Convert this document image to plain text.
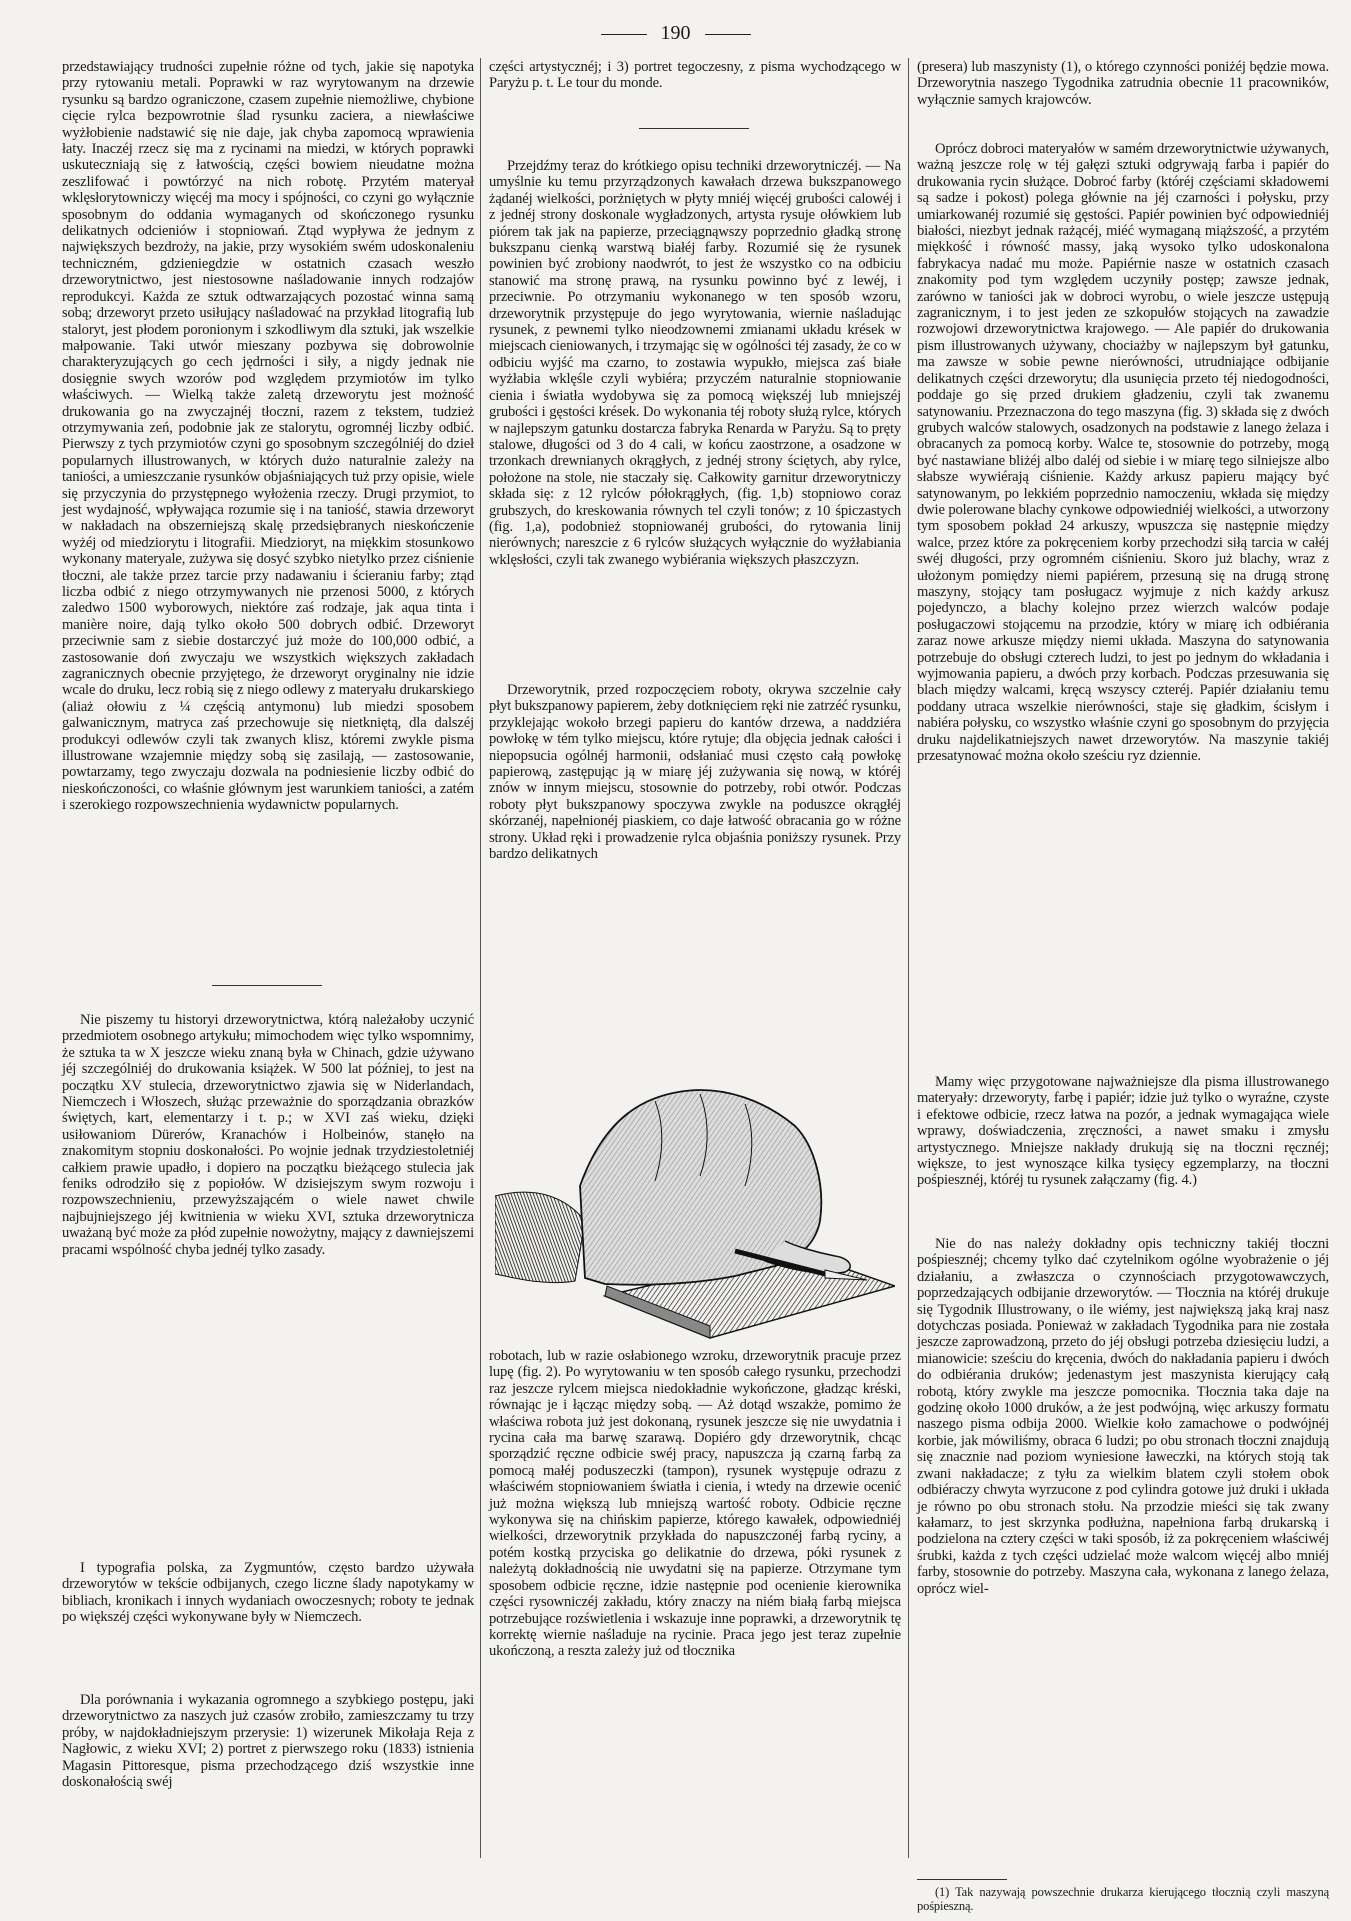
190

przedstawiający trudności zupełnie różne od tych, jakie się napotyka przy rytowaniu metali. Poprawki w raz wyrytowanym na drzewie rysunku są bardzo ograniczone, czasem zupełnie niemożliwe, chybione cięcie rylca bezpowrotnie ślad rysunku zaciera, a niewłaściwe wyżłobienie nadstawić się nie daje, jak chyba zapomocą wprawienia łaty. Inaczéj rzecz się ma z rycinami na miedzi, w których poprawki uskuteczniają się z łatwością, części bowiem nieudatne można zeszlifować i powtórzyć na nich robotę. Przytém materyał wklęsłorytowniczy więcéj ma mocy i spójności, co czyni go wyłącznie sposobnym do oddania wymaganych od skończonego rysunku delikatnych odcieniów i stopniowań. Ztąd wypływa że jednym z największych bezdroży, na jakie, przy wysokiém swém udoskonaleniu techniczném, gdzieniegdzie w ostatnich czasach weszło drzeworytnictwo, jest niestosowne naśladowanie innych rodzajów reprodukcyi. Każda ze sztuk odtwarzających pozostać winna samą sobą; drzeworyt przeto usiłujący naśladować na przykład litografią lub staloryt, jest płodem poronionym i szkodliwym dla sztuki, jak wszelkie małpowanie. Taki utwór mieszany pozbywa się dobrowolnie charakteryzujących go cech jędrności i siły, a nigdy jednak nie dosięgnie swych wzorów pod względem przymiotów im tylko właściwych. — Wielką także zaletą drzeworytu jest możność drukowania go na zwyczajnéj tłoczni, razem z tekstem, tudzież otrzymywania zeń, podobnie jak ze stalorytu, ogromnéj liczby odbić. Pierwszy z tych przymiotów czyni go sposobnym szczególniéj do dzieł popularnych illustrowanych, w których dużo naturalnie zależy na taniości, a umieszczanie rysunków objaśniających tuż przy opisie, wiele się przyczynia do przystępnego wyłożenia rzeczy. Drugi przymiot, to jest wydajność, wpływająca rozumie się i na taniość, stawia drzeworyt w nakładach na obszerniejszą skalę przedsiębranych nieskończenie wyżéj od miedziorytu i litografii. Miedzioryt, na miękkim stosunkowo wykonany materyale, zużywa się dosyć szybko nietylko przez ciśnienie tłoczni, ale także przez tarcie przy nadawaniu i ścieraniu farby; ztąd liczba odbić z niego otrzymywanych nie przenosi 5000, z których zaledwo 1500 wyborowych, niektóre zaś rodzaje, jak aqua tinta i manière noire, dają tylko około 500 dobrych odbić. Drzeworyt przeciwnie sam z siebie dostarczyć już może do 100,000 odbić, a zastosowanie doń zwyczaju we wszystkich większych zakładach zagranicznych obecnie przyjętego, że drzeworyt oryginalny nie idzie wcale do druku, lecz robią się z niego odlewy z materyału drukarskiego (aliaż ołowiu z ¼ częścią antymonu) lub miedzi sposobem galwanicznym, matryca zaś przechowuje się nietkniętą, dla dalszéj produkcyi odlewów czyli tak zwanych klisz, któremi zwykle pisma illustrowane wzajemnie między sobą się zasilają, — zastosowanie, powtarzamy, tego zwyczaju dozwala na podniesienie liczby odbić do nieskończoności, co właśnie głównym jest warunkiem taniości, a zatém i szerokiego rozpowszechnienia wydawnictw popularnych.

Nie piszemy tu historyi drzeworytnictwa, którą należałoby uczynić przedmiotem osobnego artykułu; mimochodem więc tylko wspomnimy, że sztuka ta w X jeszcze wieku znaną była w Chinach, gdzie używano jéj szczególniéj do drukowania książek. W 500 lat później, to jest na początku XV stulecia, drzeworytnictwo zjawia się w Niderlandach, Niemczech i Włoszech, służąc przeważnie do sporządzania obrazków świętych, kart, elementarzy i t. p.; w XVI zaś wieku, dzięki usiłowaniom Dürerów, Kranachów i Holbeinów, stanęło na znakomitym stopniu doskonałości. Po wojnie jednak trzydziestoletniéj całkiem prawie upadło, i dopiero na początku bieżącego stulecia jak feniks odrodziło się z popiołów. W dzisiejszym swym rozwoju i rozpowszechnieniu, przewyższającém o wiele nawet chwile najbujniejszego jéj kwitnienia w wieku XVI, sztuka drzeworytnicza uważaną być może za płód zupełnie nowożytny, mający z dawniejszemi pracami wspólność chyba jednéj tylko zasady.

I typografia polska, za Zygmuntów, często bardzo używała drzeworytów w tekście odbijanych, czego liczne ślady napotykamy w bibliach, kronikach i innych wydaniach owoczesnych; roboty te jednak po większéj części wykonywane były w Niemczech.

Dla porównania i wykazania ogromnego a szybkiego postępu, jaki drzeworytnictwo za naszych już czasów zrobiło, zamieszczamy tu trzy próby, w najdokładniejszym przerysie: 1) wizerunek Mikołaja Reja z Nagłowic, z wieku XVI; 2) portret z pierwszego roku (1833) istnienia Magasin Pittoresque, pisma przechodzącego dziś wszystkie inne doskonałością swéj

części artystycznéj; i 3) portret tegoczesny, z pisma wychodzącego w Paryżu p. t. Le tour du monde.

Przejdźmy teraz do krótkiego opisu techniki drzeworytniczéj. — Na umyślnie ku temu przyrządzonych kawałach drzewa bukszpanowego żądanéj wielkości, porżniętych w płyty mniéj więcéj grubości calowéj i z jednéj strony doskonale wygładzonych, artysta rysuje ołówkiem lub piórem tak jak na papierze, przeciągnąwszy poprzednio gładką stronę bukszpanu cienką warstwą białéj farby. Rozumié się że rysunek powinien być zrobiony naodwrót, to jest że wszystko co na odbiciu stanowić ma stronę prawą, na rysunku powinno być z lewéj, i przeciwnie. Po otrzymaniu wykonanego w ten sposób wzoru, drzeworytnik przystępuje do jego wyrytowania, wiernie naśladując rysunek, z pewnemi tylko nieodzownemi zmianami układu krések w miejscach cieniowanych, i trzymając się w ogólności téj zasady, że co w odbiciu wyjść ma czarno, to zostawia wypukło, miejsca zaś białe wyżłabia wklęśle czyli wybiéra; przyczém naturalnie stopniowanie cienia i światła wydobywa się za pomocą większéj lub mniejszéj grubości i gęstości krések. Do wykonania téj roboty służą rylce, których w najlepszym gatunku dostarcza fabryka Renarda w Paryżu. Są to pręty stalowe, długości od 3 do 4 cali, w końcu zaostrzone, a osadzone w trzonkach drewnianych okrągłych, z jednéj strony ściętych, aby rylce, położone na stole, nie staczały się. Całkowity garnitur drzeworytniczy składa się: z 12 rylców półokrągłych, (fig. 1,b) stopniowo coraz grubszych, do kreskowania równych tel czyli tonów; z 10 śpiczastych (fig. 1,a), podobnież stopniowanéj grubości, do rytowania linij nierównych; nareszcie z 6 rylców służących wyłącznie do wyżłabiania wklęsłości, czyli tak zwanego wybiérania większych płaszczyzn.

Drzeworytnik, przed rozpoczęciem roboty, okrywa szczelnie cały płyt bukszpanowy papierem, żeby dotknięciem ręki nie zatrzéć rysunku, przyklejając wokoło brzegi papieru do kantów drzewa, a naddziéra powłokę w tém tylko miejscu, które rytuje; dla objęcia jednak całości i niepopsucia ogólnéj harmonii, odsłaniać musi często całą powłokę papierową, zastępując ją w miarę jéj zużywania się nową, w któréj znów w innym miejscu, stosownie do potrzeby, robi otwór. Podczas roboty płyt bukszpanowy spoczywa zwykle na poduszce okrągłéj skórzanéj, napełnionéj piaskiem, co daje łatwość obracania go w różne strony. Układ ręki i prowadzenie rylca objaśnia poniższy rysunek. Przy bardzo delikatnych

robotach, lub w razie osłabionego wzroku, drzeworytnik pracuje przez lupę (fig. 2). Po wyrytowaniu w ten sposób całego rysunku, przechodzi raz jeszcze rylcem miejsca niedokładnie wykończone, gładząc kréski, równając je i łącząc między sobą. — Aż dotąd wszakże, pomimo że właściwa robota już jest dokonaną, rysunek jeszcze się nie uwydatnia i rycina cała ma barwę szarawą. Dopiéro gdy drzeworytnik, chcąc sporządzić ręczne odbicie swéj pracy, napuszcza ją czarną farbą za pomocą małéj poduszeczki (tampon), rysunek występuje odrazu z właściwém stopniowaniem światła i cienia, i wtedy na drzewie ocenić już można większą lub mniejszą wartość roboty. Odbicie ręczne wykonywa się na chińskim papierze, którego kawałek, odpowiedniéj wielkości, drzeworytnik przykłada do napuszczonéj farbą ryciny, a potém kostką przyciska go delikatnie do drzewa, póki rysunek z należytą dokładnością nie uwydatni się na papierze. Otrzymane tym sposobem odbicie ręczne, idzie następnie pod ocenienie kierownika części rysowniczéj zakładu, który znaczy na niém białą farbą miejsca potrzebujące rozświetlenia i wskazuje inne poprawki, a drzeworytnik tę korrektę wiernie naśladuje na rycinie. Praca jego jest teraz zupełnie ukończoną, a reszta zależy już od tłocznika

(presera) lub maszynisty (1), o którego czynności poniżéj będzie mowa. Drzeworytnia naszego Tygodnika zatrudnia obecnie 11 pracowników, wyłącznie samych krajowców.

Oprócz dobroci materyałów w samém drzeworytnictwie używanych, ważną jeszcze rolę w téj gałęzi sztuki odgrywają farba i papiér do drukowania rycin służące. Dobroć farby (któréj częściami składowemi są sadze i pokost) polega głównie na jéj czarności i połysku, przy umiarkowanéj rozumié się gęstości. Papiér powinien być odpowiedniéj białości, niezbyt jednak rażącéj, miéć wymaganą miąższość, a przytém miękkość i równość massy, jaką wysoko tylko udoskonalona fabrykacya nadać mu może. Papiérnie nasze w ostatnich czasach znakomity pod tym względem uczyniły postęp; zawsze jednak, zarówno w taniości jak w dobroci wyrobu, o wiele jeszcze ustępują zagranicznym, i to jest jeden ze szkopułów stojących na zawadzie rozwojowi drzeworytnictwa krajowego. — Ale papiér do drukowania pism illustrowanych używany, chociażby w najlepszym był gatunku, ma zawsze w sobie pewne nierówności, utrudniające odbijanie delikatnych części drzeworytu; dla usunięcia przeto téj niedogodności, poddaje go się przed drukiem gładzeniu, czyli tak zwanemu satynowaniu. Przeznaczona do tego maszyna (fig. 3) składa się z dwóch grubych walców stalowych, osadzonych na podstawie z lanego żelaza i obracanych za pomocą korby. Walce te, stosownie do potrzeby, mogą być nastawiane bliżéj albo daléj od siebie i w miarę tego silniejsze albo słabsze wywiérają ciśnienie. Każdy arkusz papieru mający być satynowanym, po lekkiém poprzednio namoczeniu, wkłada się między dwie polerowane blachy cynkowe odpowiedniéj wielkości, a utworzony tym sposobem pokład 24 arkuszy, wpuszcza się następnie między walce, przez które za pokręceniem korby przechodzi siłą tarcia w całéj swéj długości, przy ogromném ciśnieniu. Skoro już blachy, wraz z ułożonym pomiędzy niemi papiérem, przesuną się na drugą stronę maszyny, stojący tam posługacz wyjmuje z nich każdy arkusz pojedynczo, a blachy kolejno przez wierzch walców podaje posługaczowi stojącemu na przodzie, który w miarę ich odbiérania zaraz nowe arkusze między niemi układa. Maszyna do satynowania potrzebuje do obsługi czterech ludzi, to jest po jednym do wkładania i wyjmowania papieru, a dwóch przy korbach. Podczas przesuwania się blach między walcami, kręcą wszyscy czteréj. Papiér działaniu temu poddany utraca wszelkie nierówności, staje się gładkim, ścisłym i nabiéra połysku, co wszystko właśnie czyni go sposobnym do przyjęcia druku najdelikatniejszych nawet drzeworytów. Na maszynie takiéj przesatynować można około sześciu ryz dziennie.

Mamy więc przygotowane najważniejsze dla pisma illustrowanego materyały: drzeworyty, farbę i papiér; idzie już tylko o wyraźne, czyste i efektowe odbicie, rzecz łatwa na pozór, a jednak wymagająca wiele wprawy, doświadczenia, zręczności, a nawet smaku i zmysłu artystycznego. Mniejsze nakłady drukują się na tłoczni ręcznéj; większe, to jest wynoszące kilka tysięcy egzemplarzy, na tłoczni pośpiesznéj, któréj tu rysunek załączamy (fig. 4.)

Nie do nas należy dokładny opis techniczny takiéj tłoczni pośpiesznéj; chcemy tylko dać czytelnikom ogólne wyobrażenie o jéj działaniu, a zwłaszcza o czynnościach przygotowawczych, poprzedzających odbijanie drzeworytów. — Tłocznia na któréj drukuje się Tygodnik Illustrowany, o ile wiémy, jest największą jaką kraj nasz dotychczas posiada. Ponieważ w zakładach Tygodnika para nie została jeszcze zaprowadzoną, przeto do jéj obsługi potrzeba dziesięciu ludzi, a mianowicie: sześciu do kręcenia, dwóch do nakładania papieru i dwóch do odbiérania druków; jedenastym jest maszynista kierujący całą robotą, który zwykle ma jeszcze pomocnika. Tłocznia taka daje na godzinę około 1000 druków, a że jest podwójną, więc arkuszy formatu naszego pisma odbija 2000. Wielkie koło zamachowe o podwójnéj korbie, jak mówiliśmy, obraca 6 ludzi; po obu stronach tłoczni znajdują się znacznie nad poziom wyniesione ławeczki, na których stoją tak zwani nakładacze; z tyłu za wielkim blatem czyli stołem obok odbiéraczy chwyta wyrzucone z pod cylindra gotowe już druki i układa je równo po obu stronach stołu. Na przodzie mieści się tak zwany kałamarz, to jest skrzynka podłużna, napełniona farbą drukarską i podzielona na cztery części w taki sposób, iż za pokręceniem właściwéj śrubki, każda z tych części udzielać może walcom więcéj albo mniéj farby, stosownie do potrzeby. Maszyna cała, wykonana z lanego żelaza, oprócz wiel-

(1) Tak nazywają powszechnie drukarza kierującego tłocznią czyli maszyną pośpieszną.
